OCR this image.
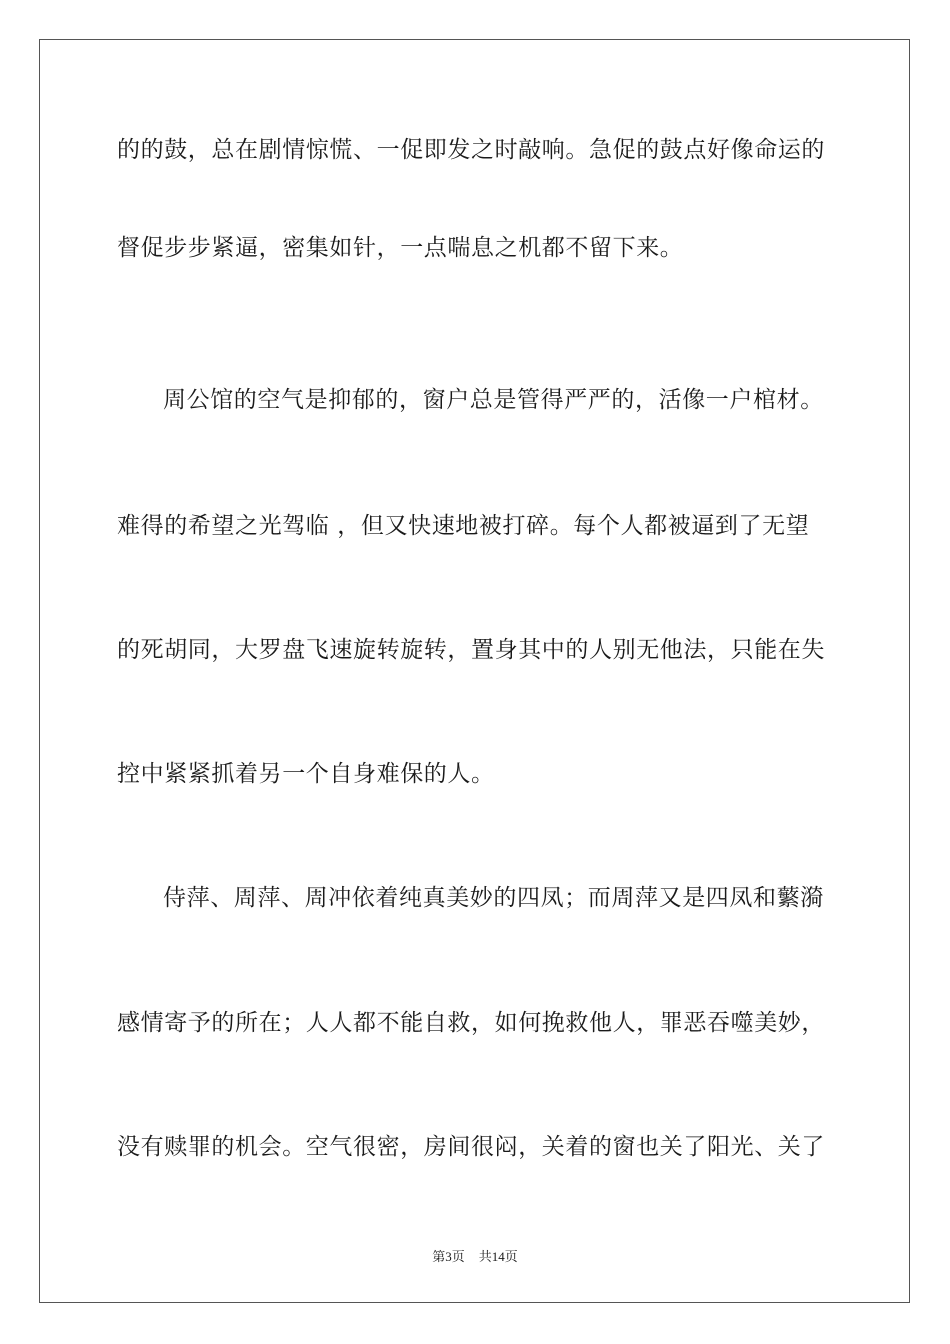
的的鼓，总在剧情惊慌、一促即发之时敲响。急促的鼓点好像命运的
督促步步紧逼，密集如针，一点喘息之机都不留下来。
周公馆的空气是抑郁的，窗户总是管得严严的，活像一户棺材。
难得的希望之光驾临 ，但又快速地被打碎。每个人都被逼到了无望
的死胡同，大罗盘飞速旋转旋转，置身其中的人别无他法，只能在失
控中紧紧抓着另一个自身难保的人。
侍萍、周萍、周冲依着纯真美妙的四凤；而周萍又是四凤和蘩漪
感情寄予的所在；人人都不能自救，如何挽救他人，罪恶吞噬美妙，
没有赎罪的机会。空气很密，房间很闷，关着的窗也关了阳光、关了
第3页 共14页
